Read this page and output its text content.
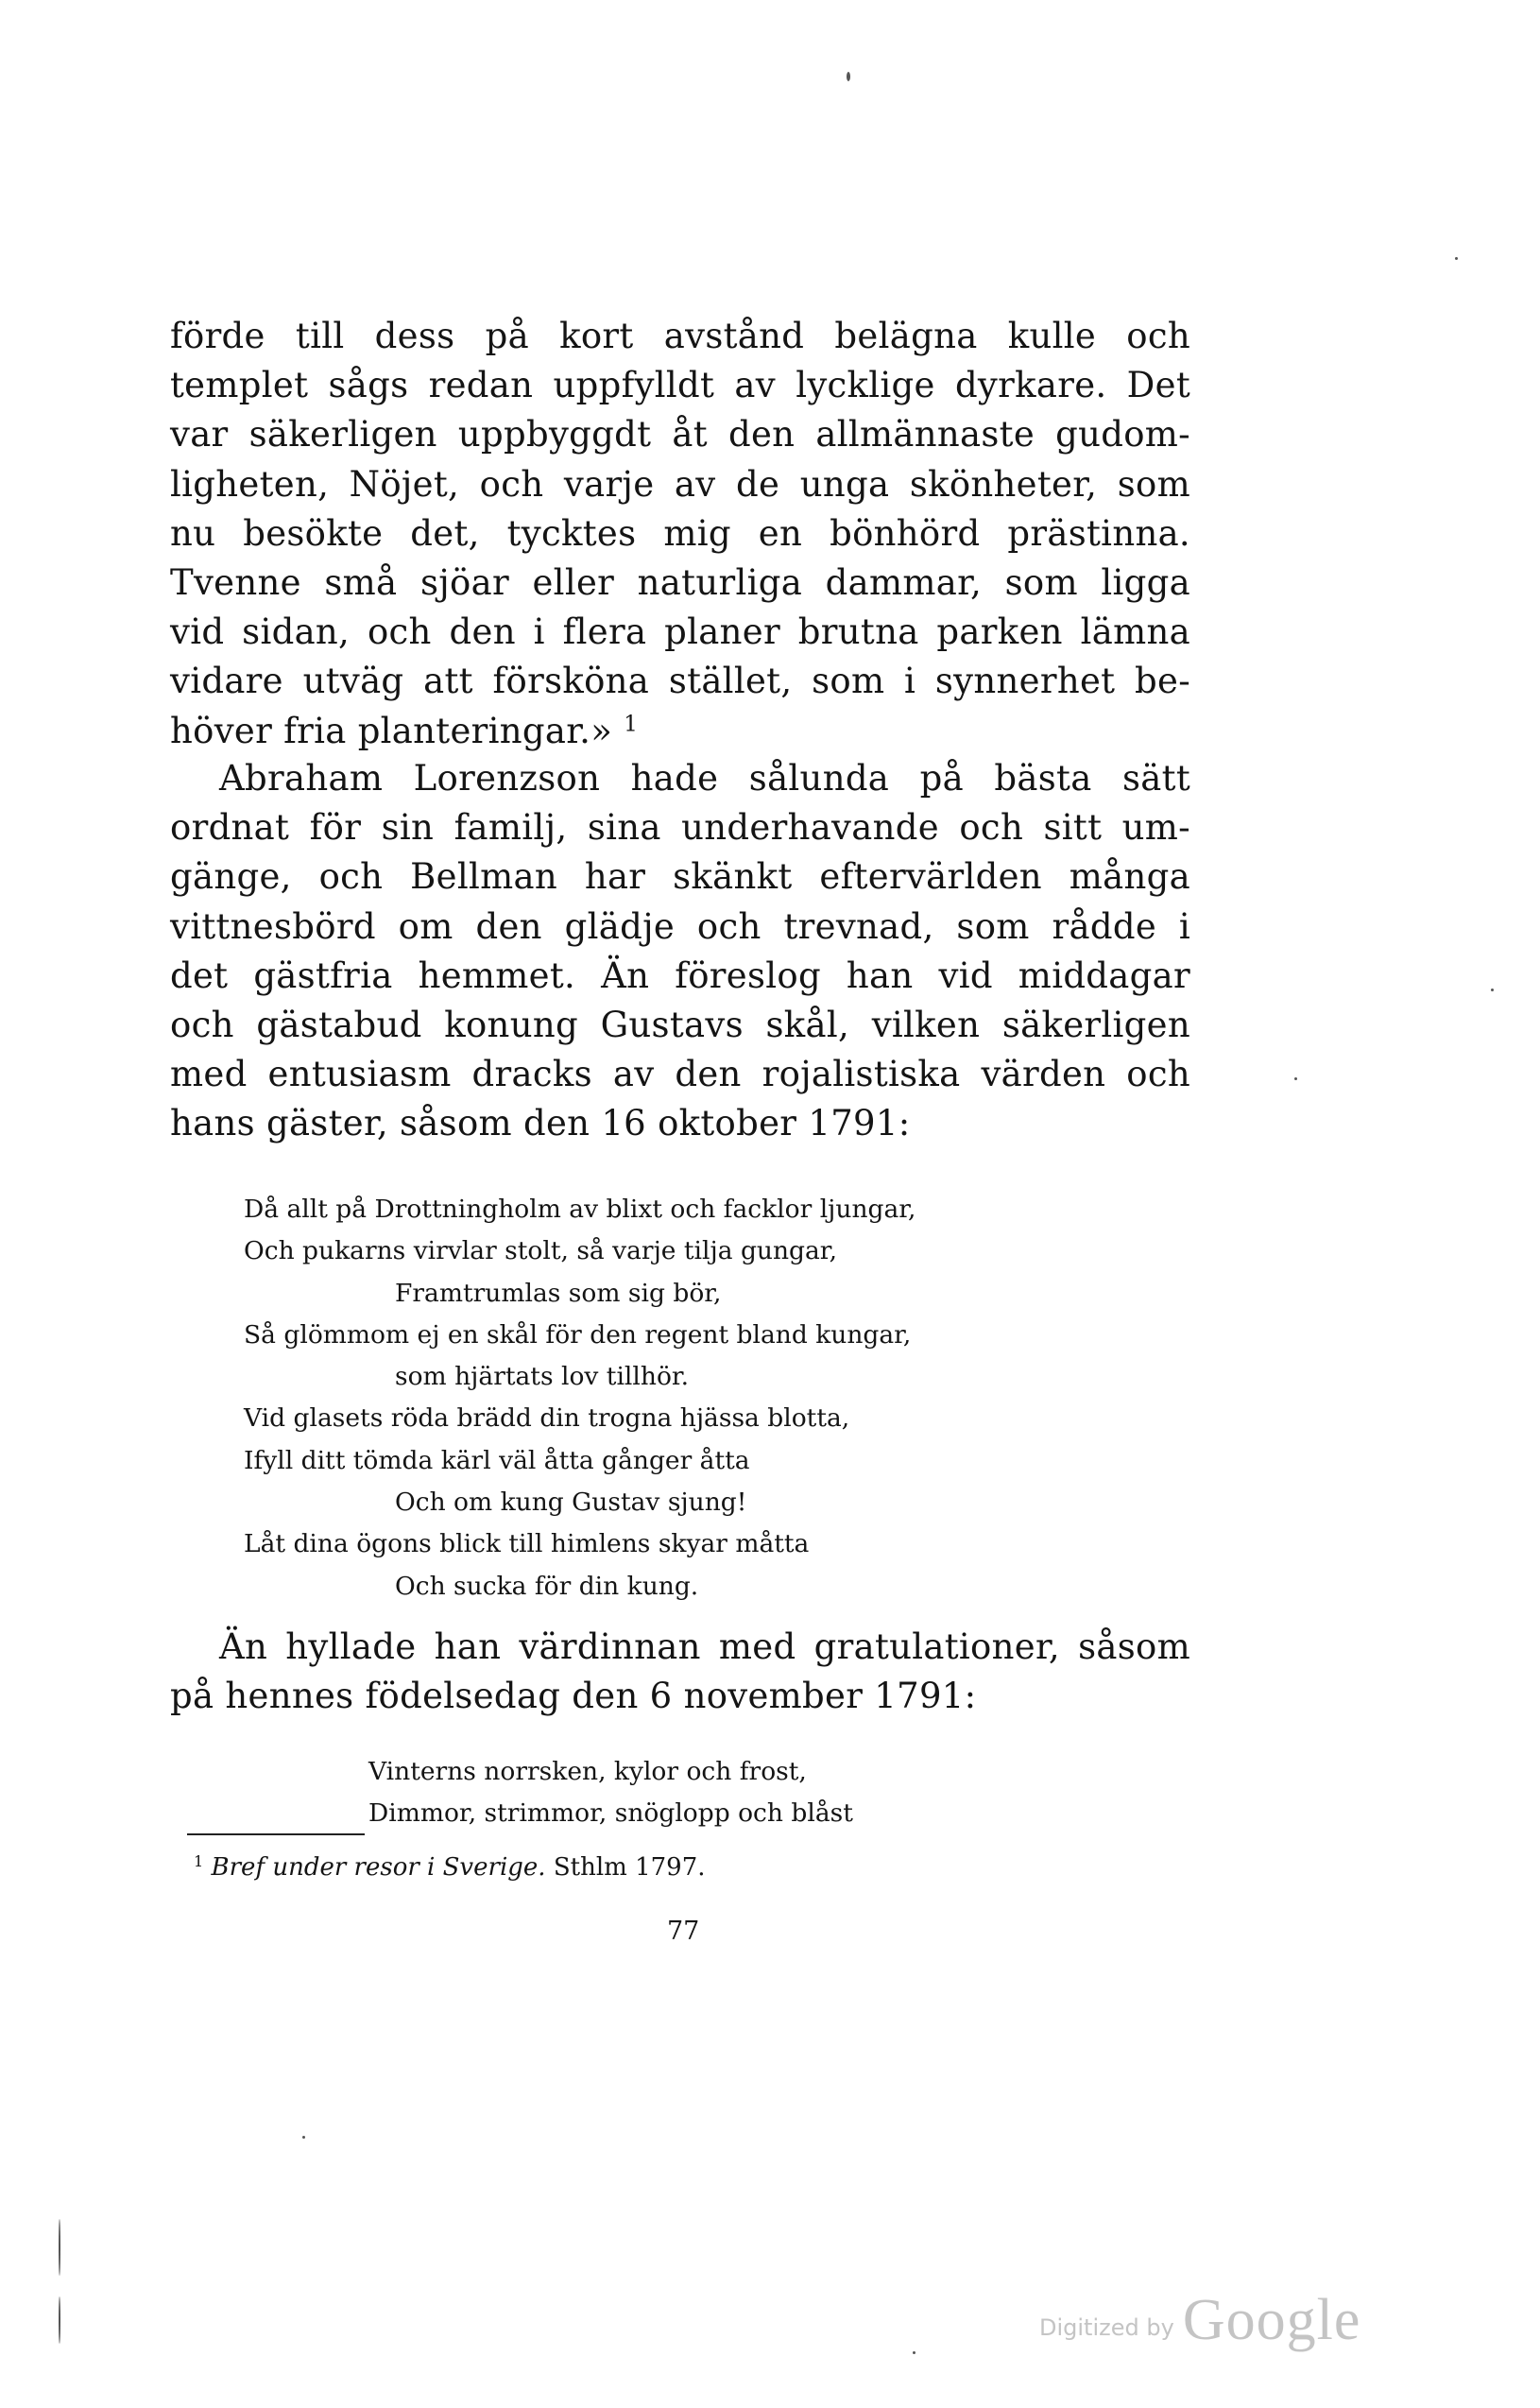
förde till dess på kort avstånd belägna kulle och
templet sågs redan uppfylldt av lycklige dyrkare. Det
var säkerligen uppbyggdt åt den allmännaste gudom-
ligheten, Nöjet, och varje av de unga skönheter, som
nu besökte det, tycktes mig en bönhörd prästinna.
Tvenne små sjöar eller naturliga dammar, som ligga
vid sidan, och den i flera planer brutna parken lämna
vidare utväg att försköna stället, som i synnerhet be-
höver fria planteringar.» $^1$
Abraham Lorenzson hade sålunda på bästa sätt
ordnat för sin familj, sina underhavande och sitt um-
gänge, och Bellman har skänkt eftervärlden många
vittnesbörd om den glädje och trevnad, som rådde i
det gästfria hemmet. Än föreslog han vid middagar
och gästabud konung Gustavs skål, vilken säkerligen
med entusiasm dracks av den rojalistiska värden och
hans gäster, såsom den 16 oktober 1791:
Då allt på Drottningholm av blixt och facklor ljungar,
Och pukarns virvlar stolt, så varje tilja gungar,
Framtrumlas som sig bör,
Så glömmom ej en skål för den regent bland kungar,
som hjärtats lov tillhör.
Vid glasets röda brädd din trogna hjässa blotta,
Ifyll ditt tömda kärl väl åtta gånger åtta
Och om kung Gustav sjung!
Låt dina ögons blick till himlens skyar måtta
Och sucka för din kung.
Än hyllade han värdinnan med gratulationer, såsom
på hennes födelsedag den 6 november 1791:
Vinterns norrsken, kylor och frost,
Dimmor, strimmor, snöglopp och blåst
$^1$ Bref under resor i Sverige. Sthlm 1797.
77
Digitized by Google
